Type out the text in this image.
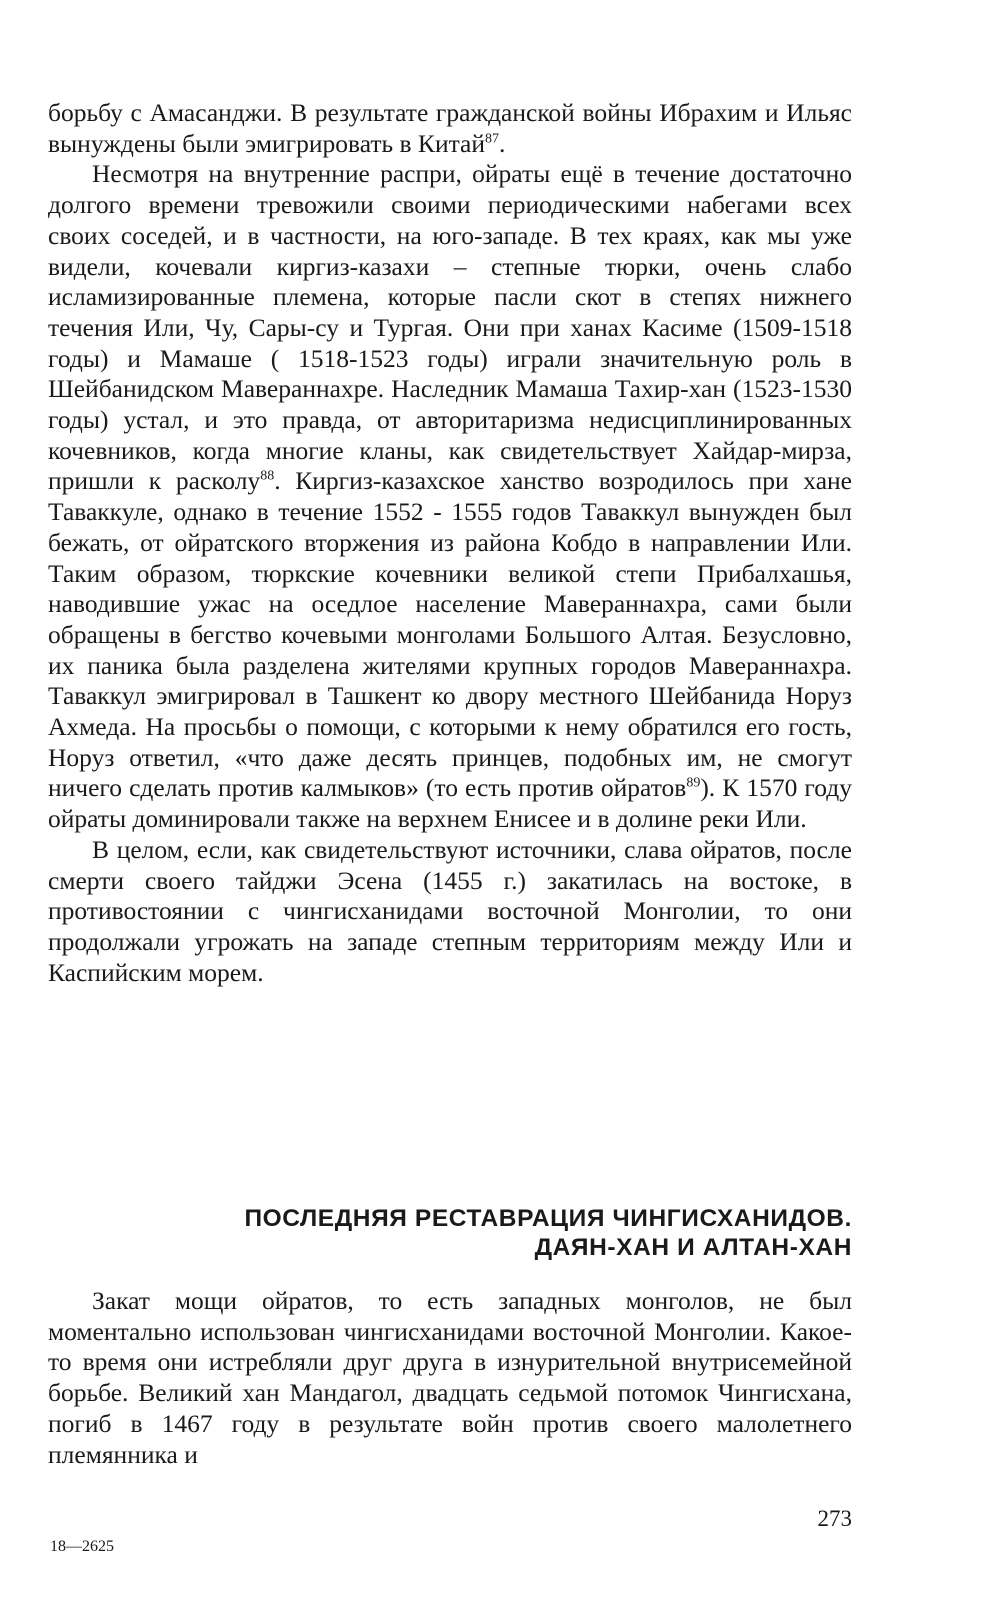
борьбу с Амасанджи. В результате гражданской войны Ибрахим и Ильяс вынуждены были эмигрировать в Китай$^{87}$.

Несмотря на внутренние распри, ойраты ещё в течение достаточно долгого времени тревожили своими периодическими набегами всех своих соседей, и в частности, на юго-западе. В тех краях, как мы уже видели, кочевали киргиз-казахи – степные тюрки, очень слабо исламизированные племена, которые пасли скот в степях нижнего течения Или, Чу, Сары-су и Тургая. Они при ханах Касиме (1509-1518 годы) и Мамаше ( 1518-1523 годы) играли значительную роль в Шейбанидском Мавераннахре. Наследник Мамаша Тахир-хан (1523-1530 годы) устал, и это правда, от авторитаризма недисциплинированных кочевников, когда многие кланы, как свидетельствует Хайдар-мирза, пришли к расколу$^{88}$. Киргиз-казахское ханство возродилось при хане Таваккуле, однако в течение 1552 - 1555 годов Таваккул вынужден был бежать, от ойратского вторжения из района Кобдо в направлении Или. Таким образом, тюркские кочевники великой степи Прибалхашья, наводившие ужас на оседлое население Мавераннахра, сами были обращены в бегство кочевыми монголами Большого Алтая. Безусловно, их паника была разделена жителями крупных городов Мавераннахра. Таваккул эмигрировал в Ташкент ко двору местного Шейбанида Норуз Ахмеда. На просьбы о помощи, с которыми к нему обратился его гость, Норуз ответил, «что даже десять принцев, подобных им, не смогут ничего сделать против калмыков» (то есть против ойратов$^{89}$). К 1570 году ойраты доминировали также на верхнем Енисее и в долине реки Или.

В целом, если, как свидетельствуют источники, слава ойратов, после смерти своего тайджи Эсена (1455 г.) закатилась на востоке, в противостоянии с чингисханидами восточной Монголии, то они продолжали угрожать на западе степным территориям между Или и Каспийским морем.

ПОСЛЕДНЯЯ РЕСТАВРАЦИЯ ЧИНГИСХАНИДОВ.
ДАЯН-ХАН И АЛТАН-ХАН

Закат мощи ойратов, то есть западных монголов, не был моментально использован чингисханидами восточной Монголии. Какое-то время они истребляли друг друга в изнурительной внутрисемейной борьбе. Великий хан Мандагол, двадцать седьмой потомок Чингисхана, погиб в 1467 году в результате войн против своего малолетнего племянника и

273
18—2625
